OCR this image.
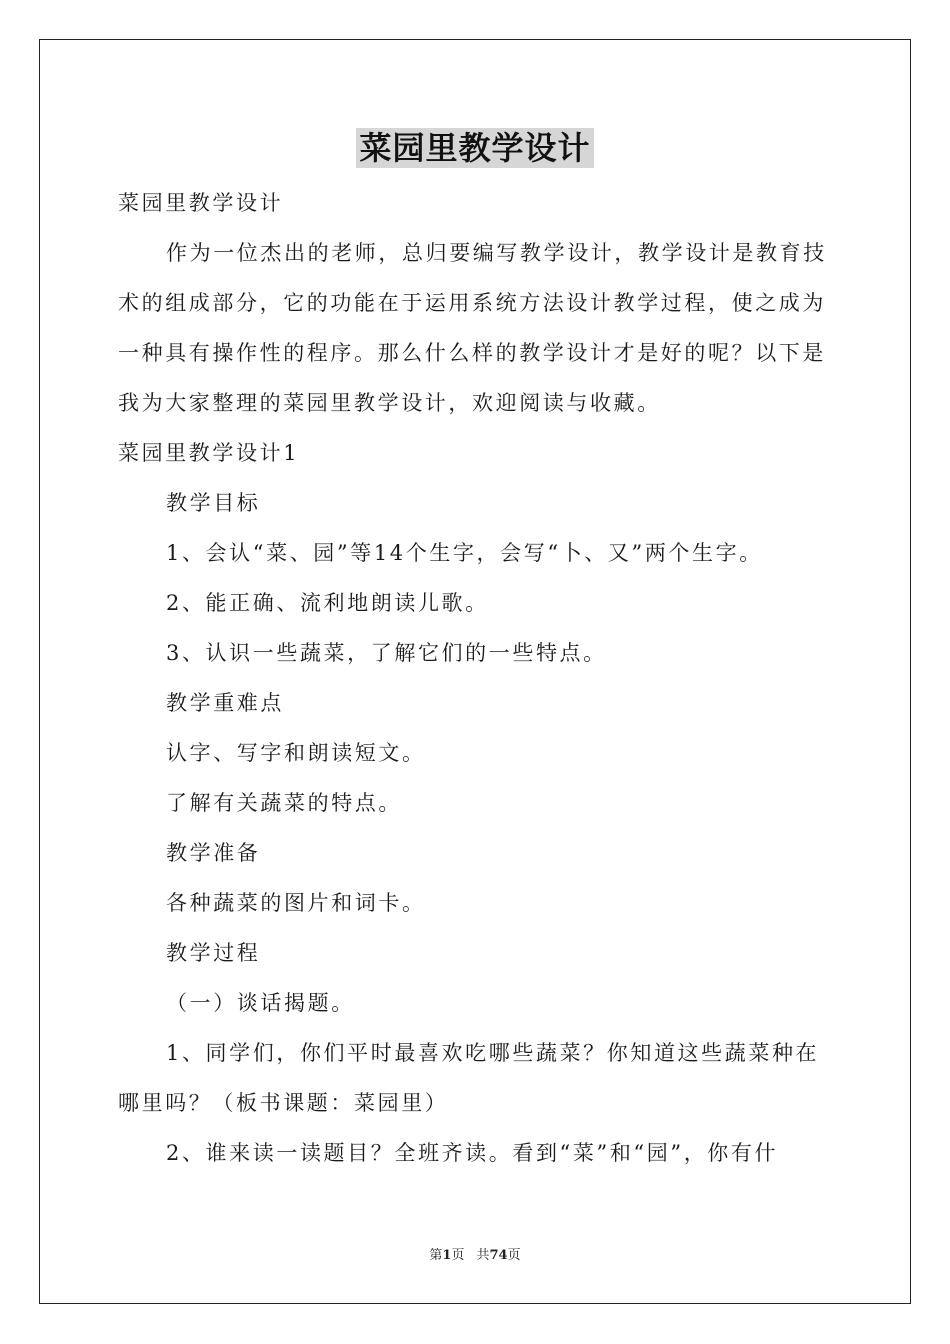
菜园里教学设计

菜园里教学设计

作为一位杰出的老师，总归要编写教学设计，教学设计是教育技术的组成部分，它的功能在于运用系统方法设计教学过程，使之成为一种具有操作性的程序。那么什么样的教学设计才是好的呢？以下是我为大家整理的菜园里教学设计，欢迎阅读与收藏。

菜园里教学设计1

教学目标

1、会认“菜、园”等14个生字，会写“卜、又”两个生字。

2、能正确、流利地朗读儿歌。

3、认识一些蔬菜，了解它们的一些特点。

教学重难点

认字、写字和朗读短文。

了解有关蔬菜的特点。

教学准备

各种蔬菜的图片和词卡。

教学过程

（一）谈话揭题。

1、同学们，你们平时最喜欢吃哪些蔬菜？你知道这些蔬菜种在哪里吗？（板书课题：菜园里）

2、谁来读一读题目？全班齐读。看到“菜”和“园”，你有什

第1页 共74页
